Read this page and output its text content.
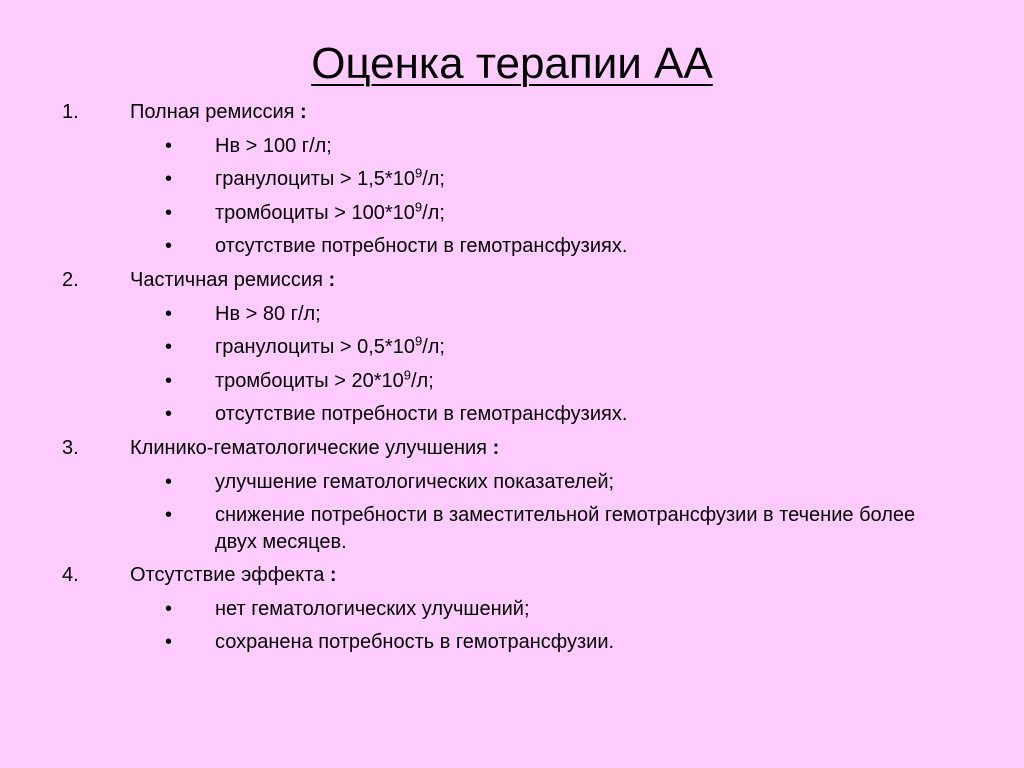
Оценка терапии АА
1.	Полная ремиссия :
• Нв > 100 г/л;
• гранулоциты > $1,5*10^9/л$;
• тромбоциты > $100*10^9/л$;
• отсутствие потребности в гемотрансфузиях.
2.	Частичная ремиссия :
• Нв > 80 г/л;
• гранулоциты > $0,5*10^9/л$;
• тромбоциты > $20*10^9/л$;
• отсутствие потребности в гемотрансфузиях.
3.	Клинико-гематологические улучшения :
• улучшение гематологических показателей;
• снижение потребности в заместительной гемотрансфузии в течение более двух месяцев.
4.	Отсутствие эффекта :
• нет гематологических улучшений;
• сохранена потребность в гемотрансфузии.
